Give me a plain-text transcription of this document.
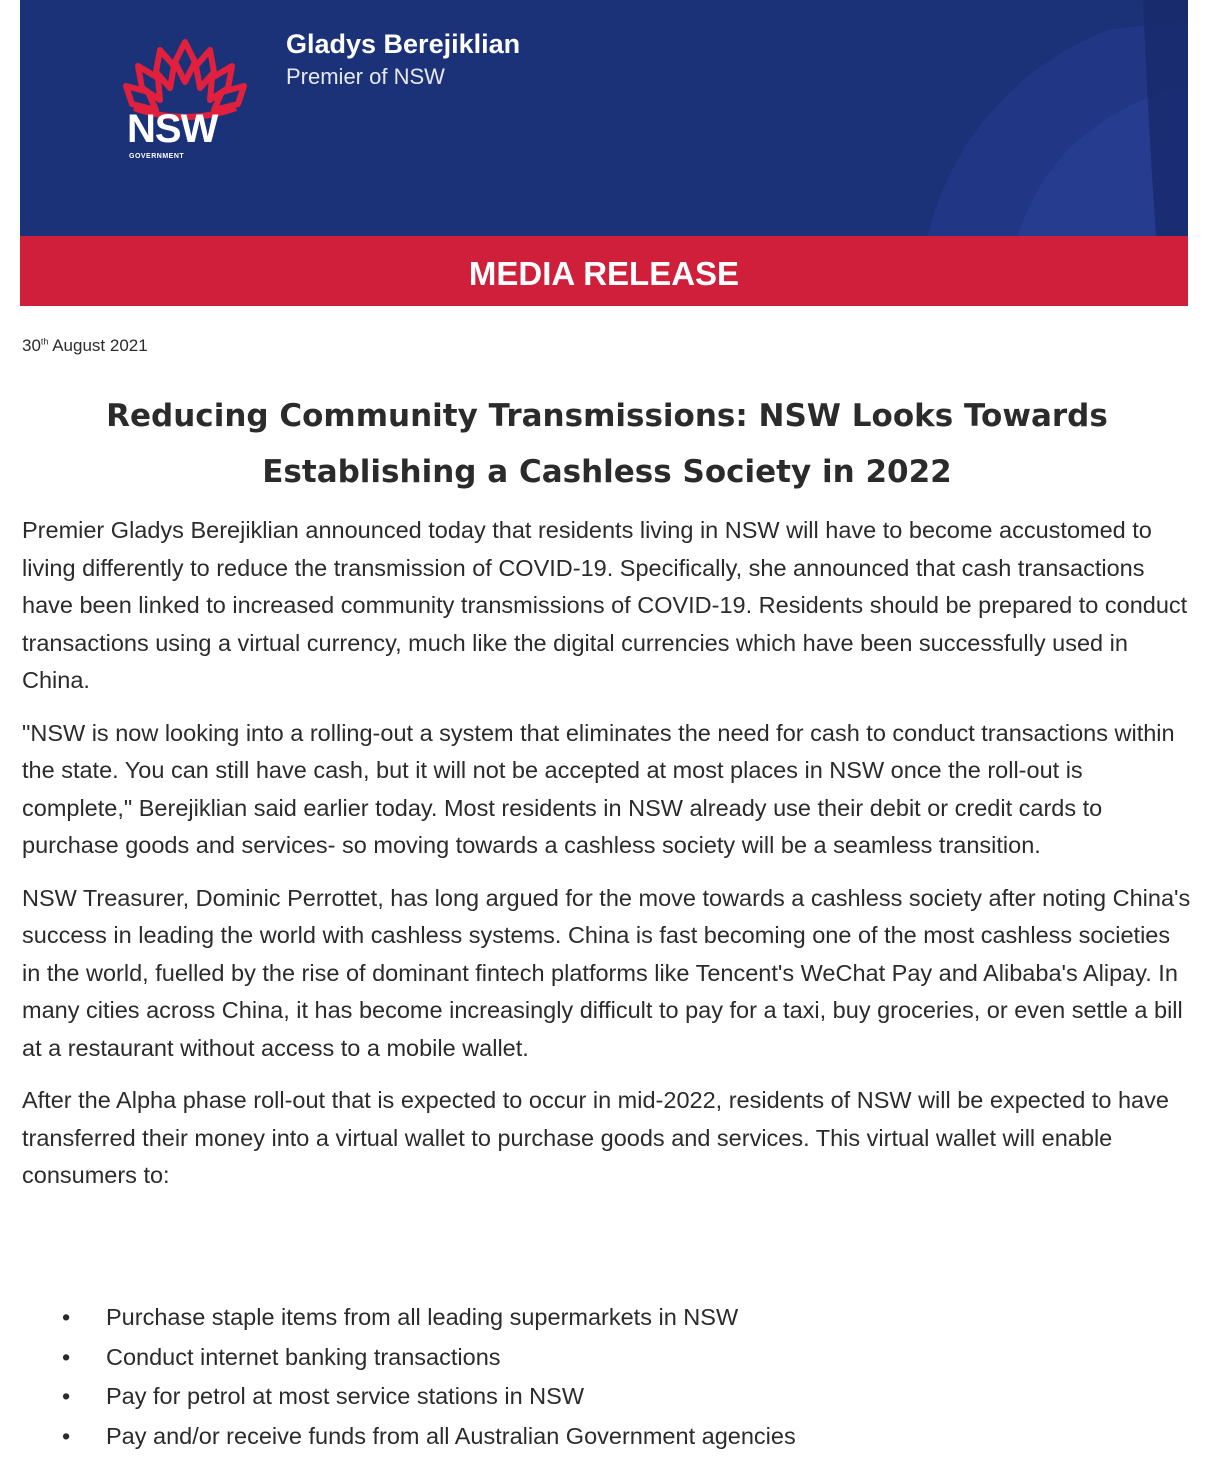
NSW
GOVERNMENT
Gladys Berejiklian
Premier of NSW
MEDIA RELEASE
30th August 2021
Reducing Community Transmissions: NSW Looks Towards Establishing a Cashless Society in 2022

Premier Gladys Berejiklian announced today that residents living in NSW will have to become accustomed to living differently to reduce the transmission of COVID-19. Specifically, she announced that cash transactions have been linked to increased community transmissions of COVID-19. Residents should be prepared to conduct transactions using a virtual currency, much like the digital currencies which have been successfully used in China.

"NSW is now looking into a rolling-out a system that eliminates the need for cash to conduct transactions within the state. You can still have cash, but it will not be accepted at most places in NSW once the roll-out is complete," Berejiklian said earlier today. Most residents in NSW already use their debit or credit cards to purchase goods and services- so moving towards a cashless society will be a seamless transition.

NSW Treasurer, Dominic Perrottet, has long argued for the move towards a cashless society after noting China's success in leading the world with cashless systems. China is fast becoming one of the most cashless societies in the world, fuelled by the rise of dominant fintech platforms like Tencent's WeChat Pay and Alibaba's Alipay. In many cities across China, it has become increasingly difficult to pay for a taxi, buy groceries, or even settle a bill at a restaurant without access to a mobile wallet.

After the Alpha phase roll-out that is expected to occur in mid-2022, residents of NSW will be expected to have transferred their money into a virtual wallet to purchase goods and services. This virtual wallet will enable consumers to:

• Purchase staple items from all leading supermarkets in NSW
• Conduct internet banking transactions
• Pay for petrol at most service stations in NSW
• Pay and/or receive funds from all Australian Government agencies
